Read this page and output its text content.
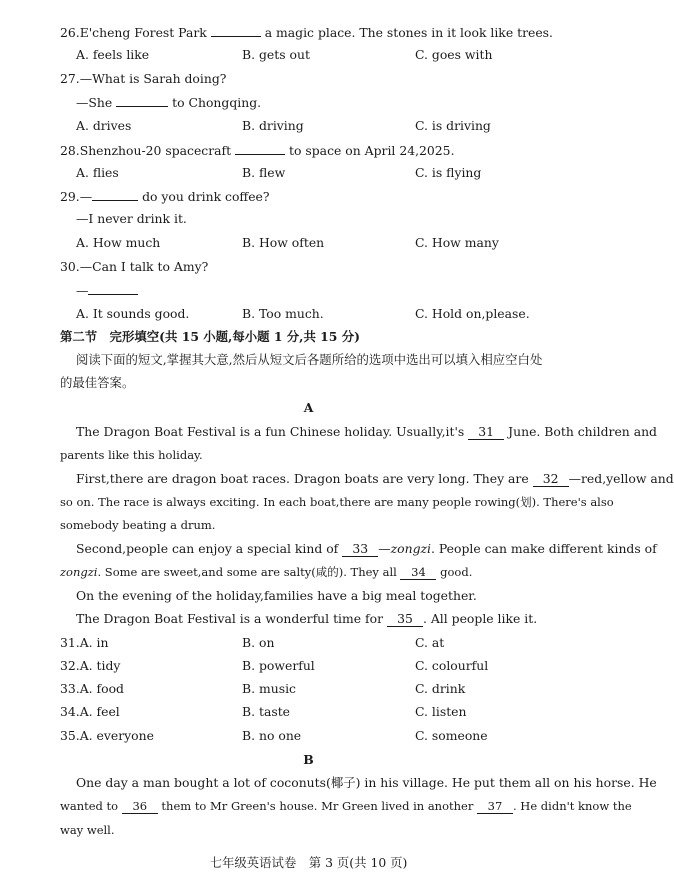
26.E'cheng Forest Park	a magic place. The stones in it look like trees.
A. feels like	B. gets out	C. goes with
27.—What is Sarah doing?
—She	to Chongqing.
A. drives	B. driving	C. is driving
28.Shenzhou-20 spacecraft	to space on April 24,2025.
A. flies	B. flew	C. is flying
29.—	do you drink coffee?
—I never drink it.
A. How much	B. How often	C. How many
30.—Can I talk to Amy?
—
A. It sounds good.	B. Too much.	C. Hold on,please.
第二节　完形填空(共 15 小题,每小题 1 分,共 15 分)
阅读下面的短文,掌握其大意,然后从短文后各题所给的选项中选出可以填入相应空白处
的最佳答案。
A
The Dragon Boat Festival is a fun Chinese holiday. Usually,it's 31 June. Both children and
parents like this holiday.
First,there are dragon boat races. Dragon boats are very long. They are 32 —red,yellow and
so on. The race is always exciting. In each boat,there are many people rowing(划). There's also
somebody beating a drum.
Second,people can enjoy a special kind of 33 —zongzi. People can make different kinds of
zongzi. Some are sweet,and some are salty(咸的). They all 34 good.
On the evening of the holiday,families have a big meal together.
The Dragon Boat Festival is a wonderful time for 35 . All people like it.
31.A. in	B. on	C. at
32.A. tidy	B. powerful	C. colourful
33.A. food	B. music	C. drink
34.A. feel	B. taste	C. listen
35.A. everyone	B. no one	C. someone
B
One day a man bought a lot of coconuts(椰子) in his village. He put them all on his horse. He
wanted to 36 them to Mr Green's house. Mr Green lived in another 37 . He didn't know the
way well.
七年级英语试卷　第 3 页(共 10 页)
